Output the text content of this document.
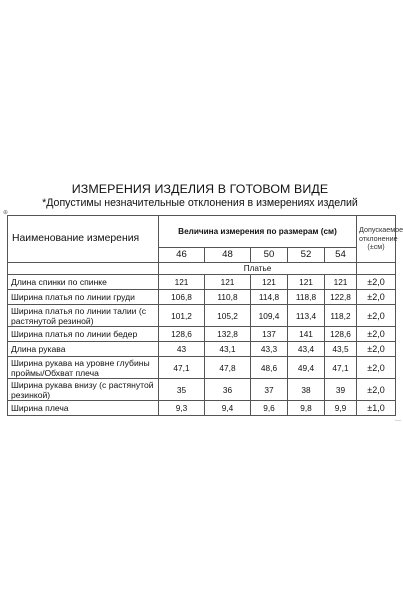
ИЗМЕРЕНИЯ ИЗДЕЛИЯ В ГОТОВОМ ВИДЕ
*Допустимы незначительные отклонения в измерениях изделий
⊕
—
Наименование измерения	Величина измерения по размерам (см)					Допускаемое отклонение (±см)
	46	48	50	52	54	
	Платье					
Длина спинки по спинке	121	121	121	121	121	±2,0
Ширина платья по линии груди	106,8	110,8	114,8	118,8	122,8	±2,0
Ширина платья по линии талии (с растянутой резиной)	101,2	105,2	109,4	113,4	118,2	±2,0
Ширина платья по линии бедер	128,6	132,8	137	141	128,6	±2,0
Длина рукава	43	43,1	43,3	43,4	43,5	±2,0
Ширина рукава на уровне глубины проймы/Обхват плеча	47,1	47,8	48,6	49,4	47,1	±2,0
Ширина рукава внизу (с растянутой резинкой)	35	36	37	38	39	±2,0
Ширина плеча	9,3	9,4	9,6	9,8	9,9	±1,0
